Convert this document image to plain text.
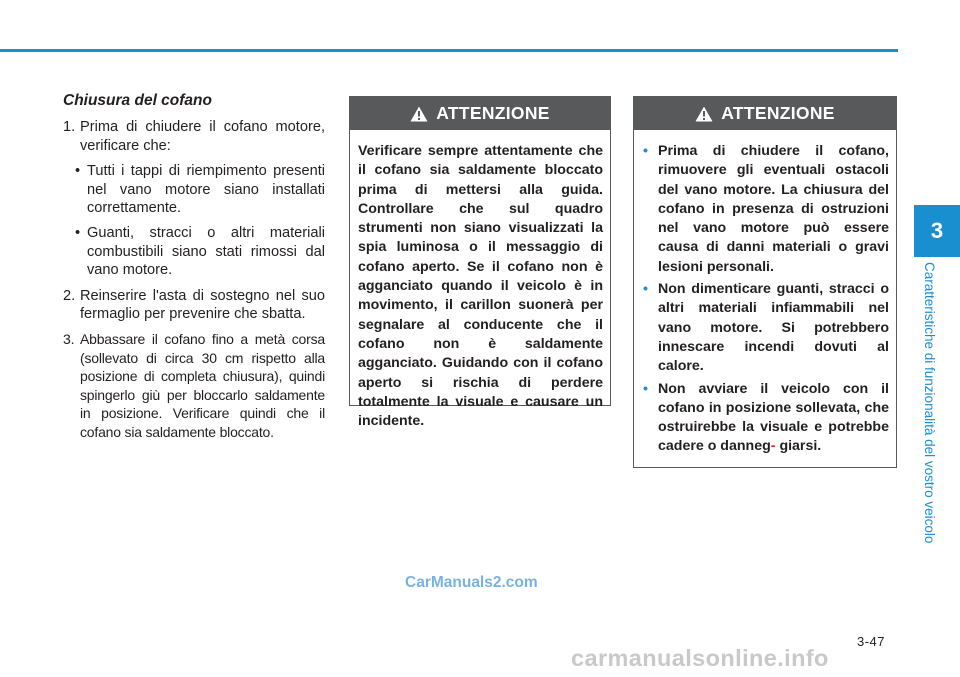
3
Caratteristiche di funzionalità del vostro veicolo
Chiusura del cofano
1. Prima di chiudere il cofano motore, verificare che:
• Tutti i tappi di riempimento presenti nel vano motore siano installati correttamente.
• Guanti, stracci o altri materiali combustibili siano stati rimossi dal vano motore.
2. Reinserire l'asta di sostegno nel suo fermaglio per prevenire che sbatta.
3. Abbassare il cofano fino a metà corsa (sollevato di circa 30 cm rispetto alla posizione di completa chiusura), quindi spingerlo giù per bloccarlo saldamente in posizione. Verificare quindi che il cofano sia saldamente bloccato.
ATTENZIONE
Verificare sempre attentamente che il cofano sia saldamente bloccato prima di mettersi alla guida. Controllare che sul quadro strumenti non siano visualizzati la spia luminosa o il messaggio di cofano aperto. Se il cofano non è agganciato quando il veicolo è in movimento, il carillon suonerà per segnalare al conducente che il cofano non è saldamente agganciato. Guidando con il cofano aperto si rischia di perdere totalmente la visuale e causare un incidente.
ATTENZIONE
• Prima di chiudere il cofano, rimuovere gli eventuali ostacoli del vano motore. La chiusura del cofano in presenza di ostruzioni nel vano motore può essere causa di danni materiali o gravi lesioni personali.
• Non dimenticare guanti, stracci o altri materiali infiammabili nel vano motore. Si potrebbero innescare incendi dovuti al calore.
• Non avviare il veicolo con il cofano in posizione sollevata, che ostruirebbe la visuale e potrebbe cadere o danneg- giarsi.
CarManuals2.com
3-47
carmanualsonline.info
